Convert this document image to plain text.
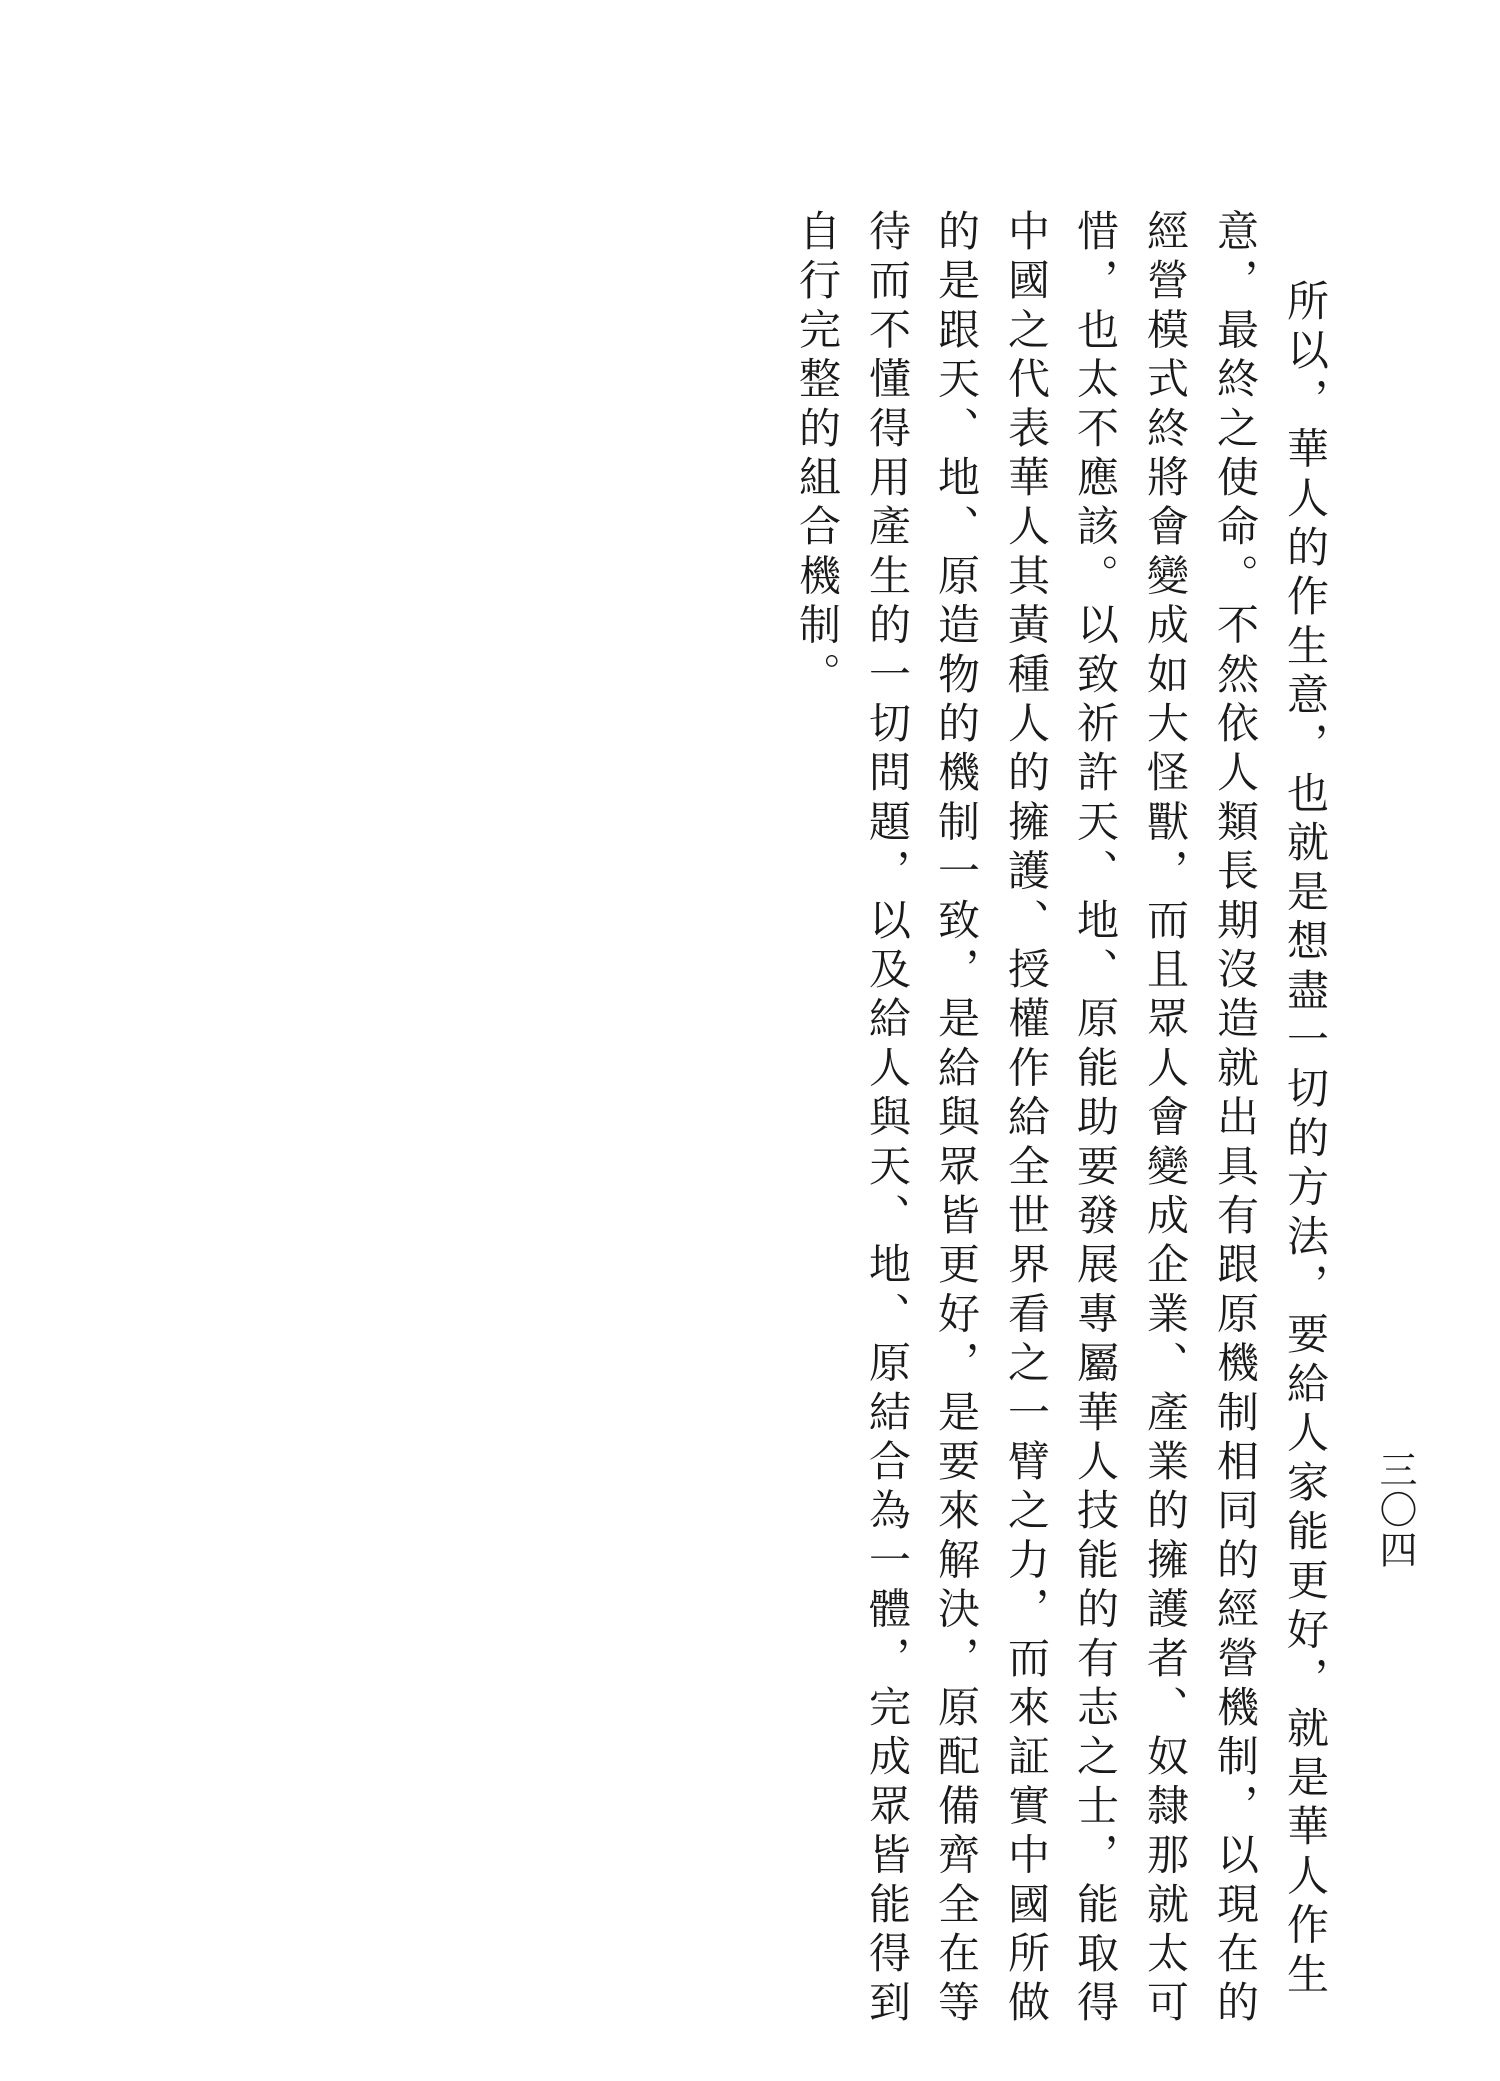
三〇四

所以，華人的作生意，也就是想盡一切的方法，要給人家能更好，就是華人作生

意，最終之使命。不然依人類長期沒造就出具有跟原機制相同的經營機制，以現在的

經營模式終將會變成如大怪獸，而且眾人會變成企業、產業的擁護者、奴隸那就太可

惜，也太不應該。以致祈許天、地、原能助要發展專屬華人技能的有志之士，能取得

中國之代表華人其黃種人的擁護、授權作給全世界看之一臂之力，而來証實中國所做

的是跟天、地、原造物的機制一致，是給與眾皆更好，是要來解決，原配備齊全在等

待而不懂得用產生的一切問題，以及給人與天、地、原結合為一體，完成眾皆能得到

自行完整的組合機制。
